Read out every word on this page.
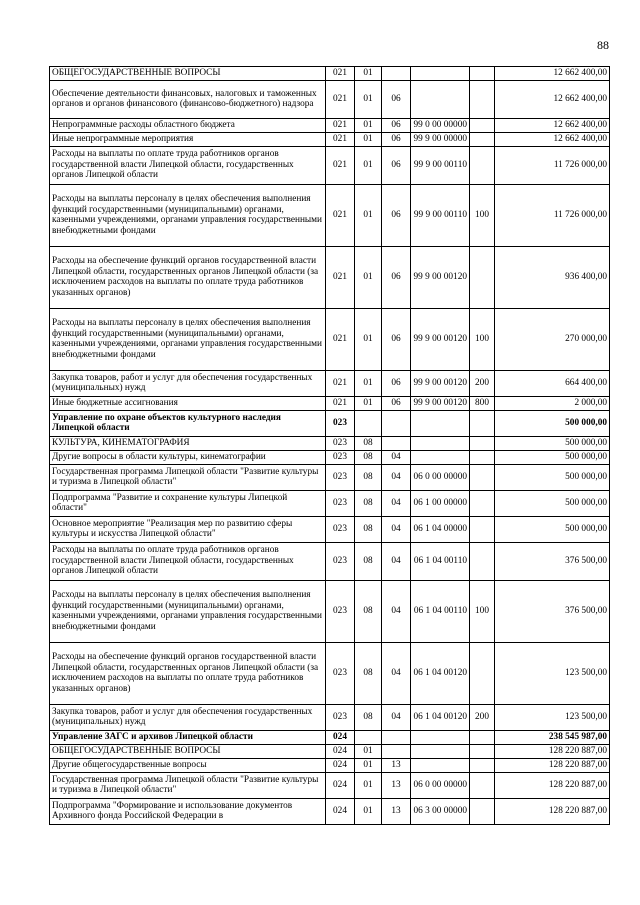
88
ОБЩЕГОСУДАРСТВЕННЫЕ ВОПРОСЫ	021	01				12 662 400,00
Обеспечение деятельности финансовых, налоговых и таможенных органов и органов финансового (финансово-бюджетного) надзора	021	01	06			12 662 400,00
Непрограммные расходы областного бюджета	021	01	06	99 0 00 00000		12 662 400,00
Иные непрограммные мероприятия	021	01	06	99 9 00 00000		12 662 400,00
Расходы на выплаты по оплате труда работников органов государственной власти Липецкой области, государственных органов Липецкой области	021	01	06	99 9 00 00110		11 726 000,00
Расходы на выплаты персоналу в целях обеспечения выполнения функций государственными (муниципальными) органами, казенными учреждениями, органами управления государственными внебюджетными фондами	021	01	06	99 9 00 00110	100	11 726 000,00
Расходы на обеспечение функций органов государственной власти Липецкой области, государственных органов Липецкой области (за исключением расходов на выплаты по оплате труда работников указанных органов)	021	01	06	99 9 00 00120		936 400,00
Расходы на выплаты персоналу в целях обеспечения выполнения функций государственными (муниципальными) органами, казенными учреждениями, органами управления государственными внебюджетными фондами	021	01	06	99 9 00 00120	100	270 000,00
Закупка товаров, работ и услуг для обеспечения государственных (муниципальных) нужд	021	01	06	99 9 00 00120	200	664 400,00
Иные бюджетные ассигнования	021	01	06	99 9 00 00120	800	2 000,00
Управление по охране объектов культурного наследия Липецкой области	023					500 000,00
КУЛЬТУРА, КИНЕМАТОГРАФИЯ	023	08				500 000,00
Другие вопросы в области культуры, кинематографии	023	08	04			500 000,00
Государственная программа Липецкой области "Развитие культуры и туризма в Липецкой области"	023	08	04	06 0 00 00000		500 000,00
Подпрограмма "Развитие и сохранение культуры Липецкой области"	023	08	04	06 1 00 00000		500 000,00
Основное мероприятие "Реализация мер по развитию сферы культуры и искусства Липецкой области"	023	08	04	06 1 04 00000		500 000,00
Расходы на выплаты по оплате труда работников органов государственной власти Липецкой области, государственных органов Липецкой области	023	08	04	06 1 04 00110		376 500,00
Расходы на выплаты персоналу в целях обеспечения выполнения функций государственными (муниципальными) органами, казенными учреждениями, органами управления государственными внебюджетными фондами	023	08	04	06 1 04 00110	100	376 500,00
Расходы на обеспечение функций органов государственной власти Липецкой области, государственных органов Липецкой области (за исключением расходов на выплаты по оплате труда работников указанных органов)	023	08	04	06 1 04 00120		123 500,00
Закупка товаров, работ и услуг для обеспечения государственных (муниципальных) нужд	023	08	04	06 1 04 00120	200	123 500,00
Управление ЗАГС и архивов Липецкой области	024					238 545 987,00
ОБЩЕГОСУДАРСТВЕННЫЕ ВОПРОСЫ	024	01				128 220 887,00
Другие общегосударственные вопросы	024	01	13			128 220 887,00
Государственная программа Липецкой области "Развитие культуры и туризма в Липецкой области"	024	01	13	06 0 00 00000		128 220 887,00
Подпрограмма "Формирование и использование документов Архивного фонда Российской Федерации в	024	01	13	06 3 00 00000		128 220 887,00
